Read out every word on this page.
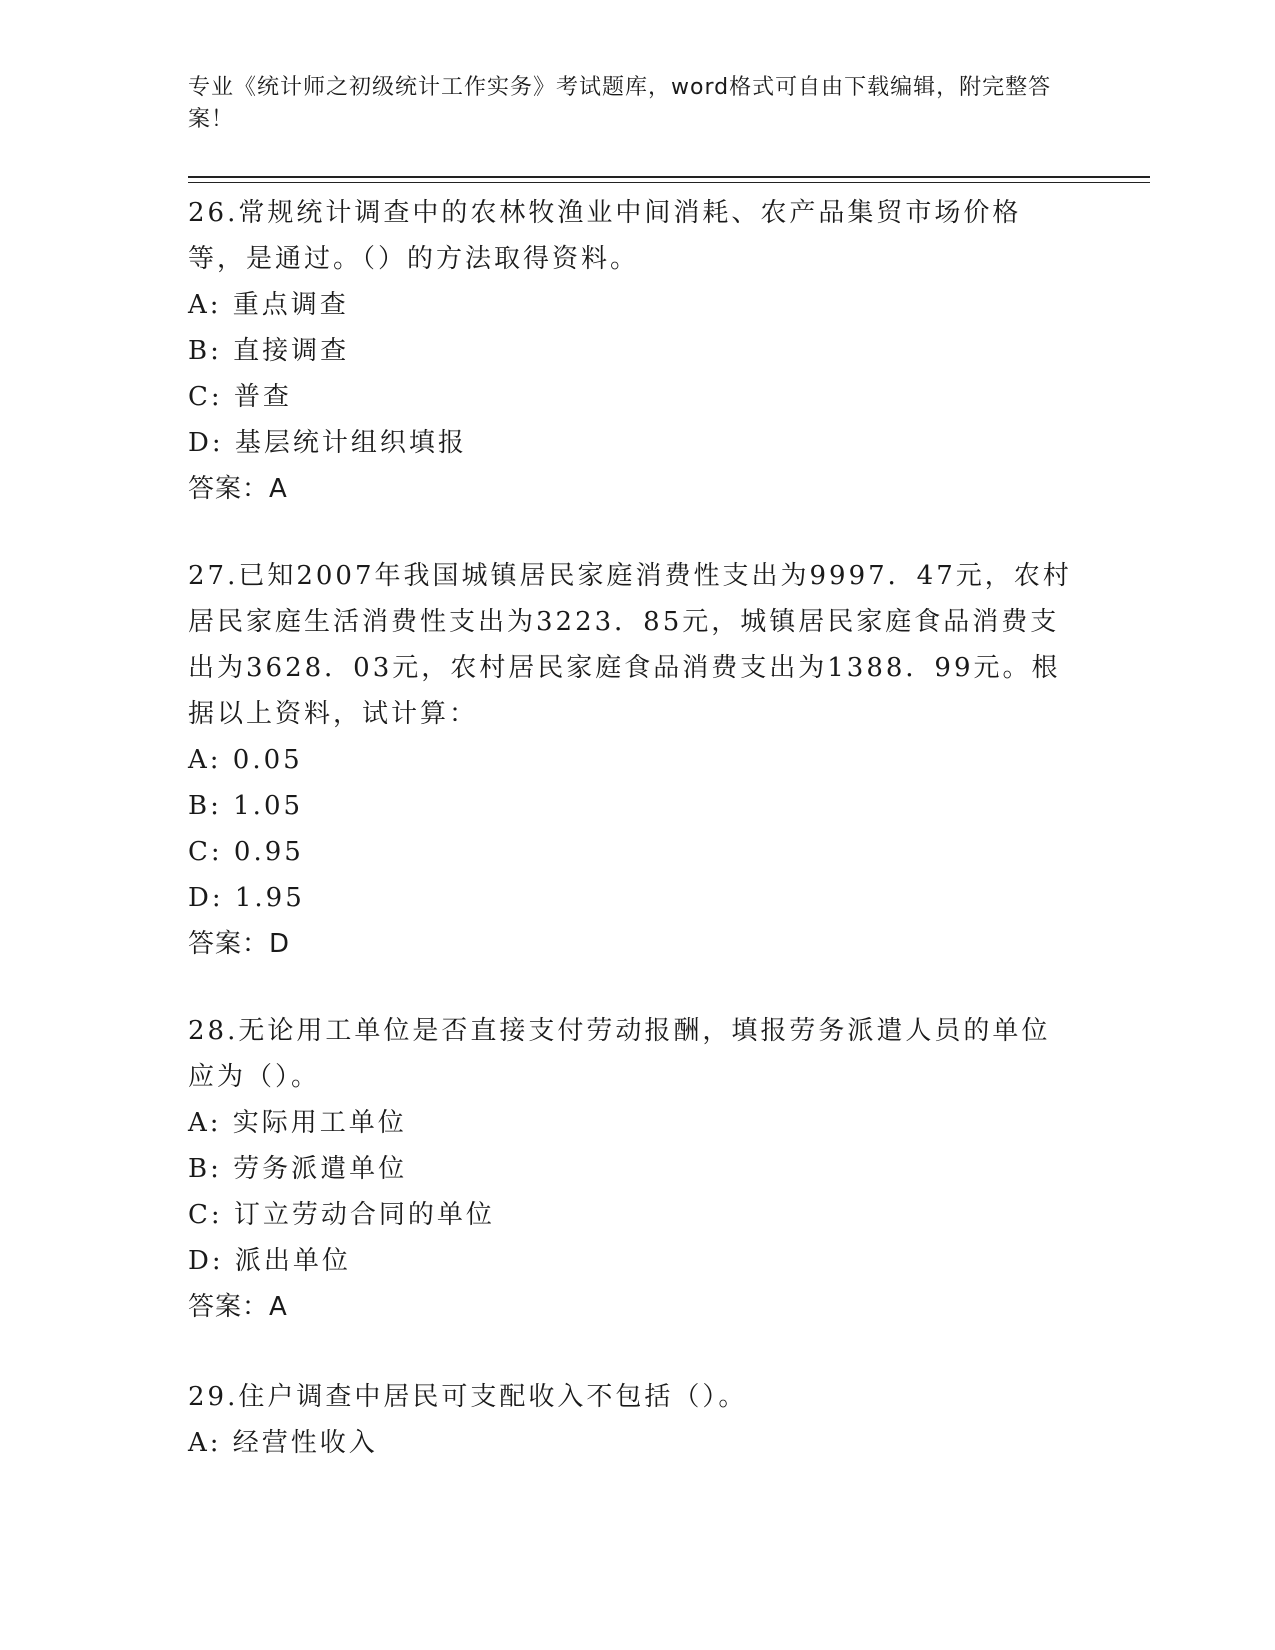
专业《统计师之初级统计工作实务》考试题库，word格式可自由下载编辑，附完整答案！

26.常规统计调查中的农林牧渔业中间消耗、农产品集贸市场价格等，是通过。（）的方法取得资料。

A: 重点调查

B: 直接调查

C: 普查

D: 基层统计组织填报

答案：A

27.已知2007年我国城镇居民家庭消费性支出为9997．47元，农村居民家庭生活消费性支出为3223．85元，城镇居民家庭食品消费支出为3628．03元，农村居民家庭食品消费支出为1388．99元。根据以上资料，试计算：

A: 0.05

B: 1.05

C: 0.95

D: 1.95

答案：D

28.无论用工单位是否直接支付劳动报酬，填报劳务派遣人员的单位应为（）。

A: 实际用工单位

B: 劳务派遣单位

C: 订立劳动合同的单位

D: 派出单位

答案：A

29.住户调查中居民可支配收入不包括（）。

A: 经营性收入
